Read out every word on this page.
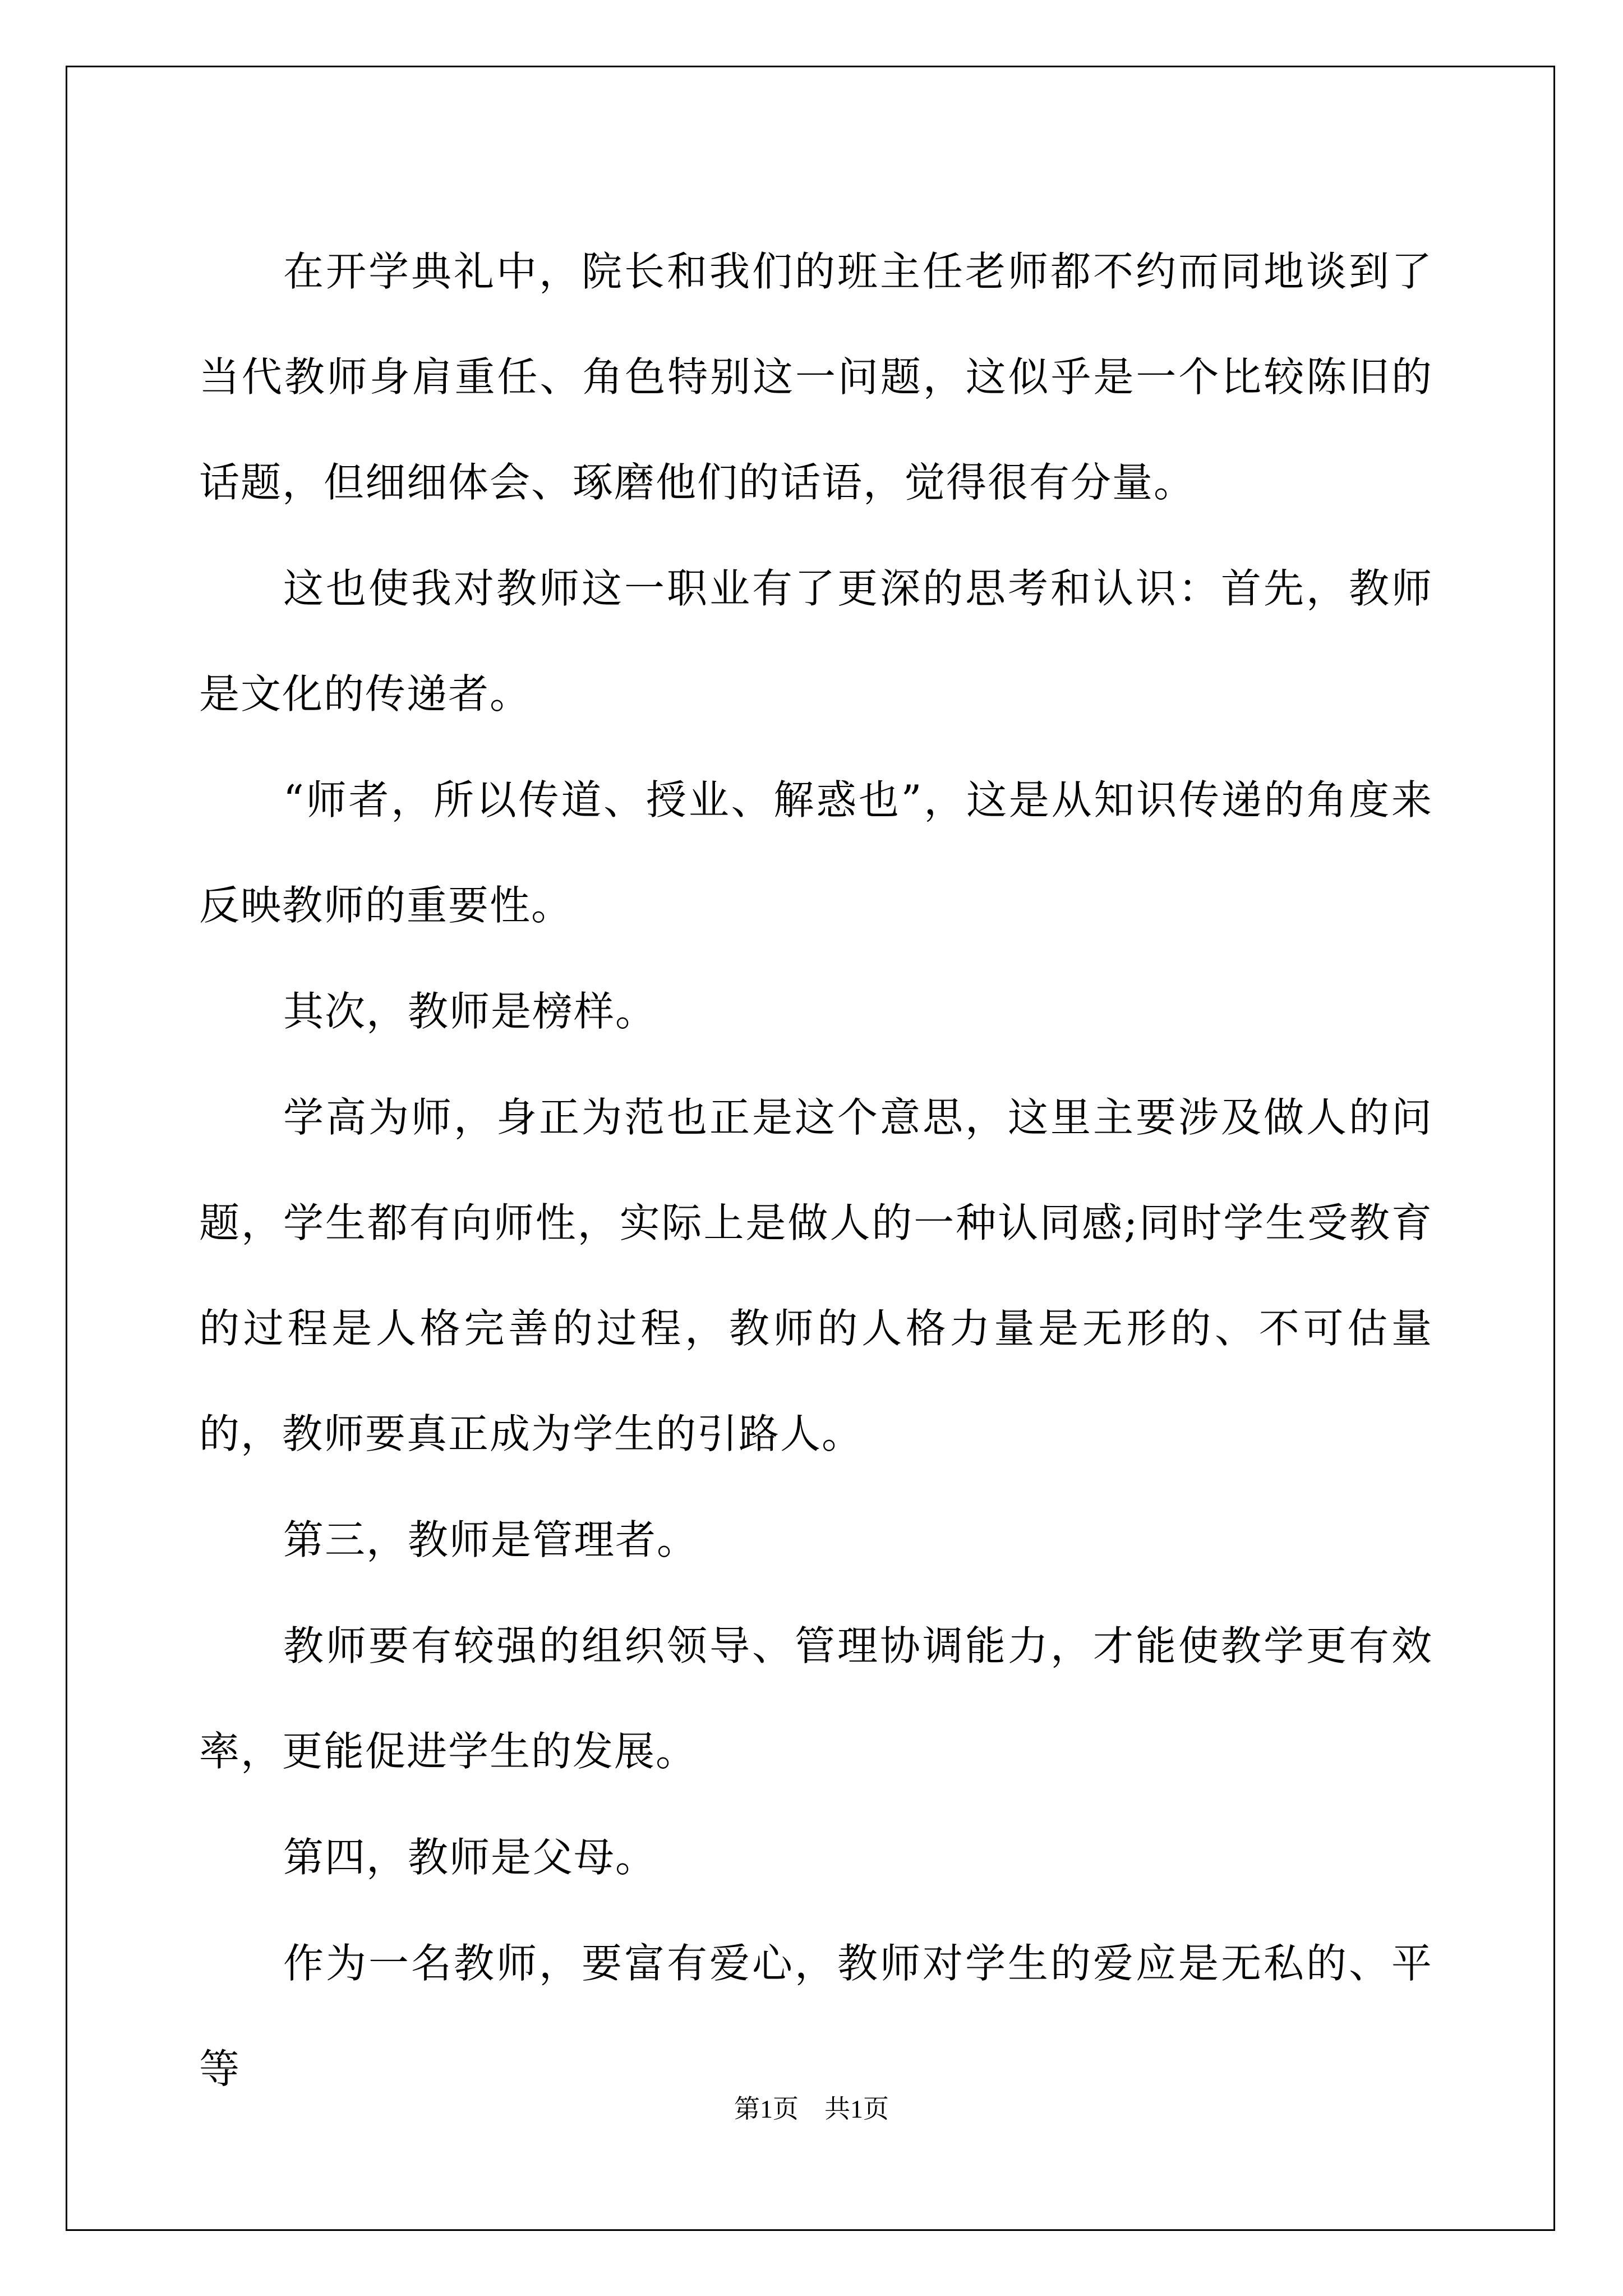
在开学典礼中，院长和我们的班主任老师都不约而同地谈到了当代教师身肩重任、角色特别这一问题，这似乎是一个比较陈旧的话题，但细细体会、琢磨他们的话语，觉得很有分量。

这也使我对教师这一职业有了更深的思考和认识：首先，教师是文化的传递者。

“师者，所以传道、授业、解惑也”，这是从知识传递的角度来反映教师的重要性。

其次，教师是榜样。

学高为师，身正为范也正是这个意思，这里主要涉及做人的问题，学生都有向师性，实际上是做人的一种认同感;同时学生受教育的过程是人格完善的过程，教师的人格力量是无形的、不可估量的，教师要真正成为学生的引路人。

第三，教师是管理者。

教师要有较强的组织领导、管理协调能力，才能使教学更有效率，更能促进学生的发展。

第四，教师是父母。

作为一名教师，要富有爱心，教师对学生的爱应是无私的、平等

第1页　共1页
